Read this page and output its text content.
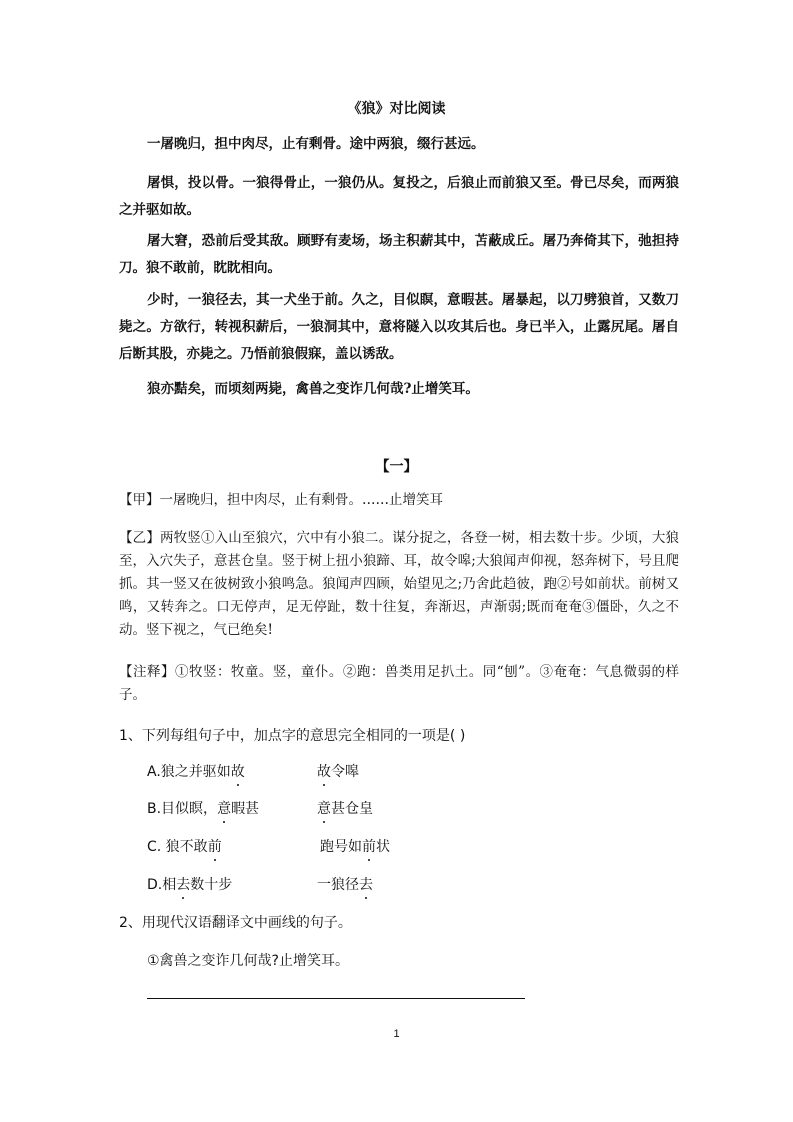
《狼》对比阅读
一屠晚归，担中肉尽，止有剩骨。途中两狼，缀行甚远。
屠惧，投以骨。一狼得骨止，一狼仍从。复投之，后狼止而前狼又至。骨已尽矣，而两狼之并驱如故。
屠大窘，恐前后受其敌。顾野有麦场，场主积薪其中，苫蔽成丘。屠乃奔倚其下，弛担持刀。狼不敢前，眈眈相向。
少时，一狼径去，其一犬坐于前。久之，目似瞑，意暇甚。屠暴起，以刀劈狼首，又数刀毙之。方欲行，转视积薪后，一狼洞其中，意将隧入以攻其后也。身已半入，止露尻尾。屠自后断其股，亦毙之。乃悟前狼假寐，盖以诱敌。
狼亦黠矣，而顷刻两毙，禽兽之变诈几何哉?止增笑耳。
【一】
【甲】一屠晚归，担中肉尽，止有剩骨。……止增笑耳
【乙】两牧竖①入山至狼穴，穴中有小狼二。谋分捉之，各登一树，相去数十步。少顷，大狼至，入穴失子，意甚仓皇。竖于树上扭小狼蹄、耳，故令嗥;大狼闻声仰视，怒奔树下，号且爬抓。其一竖又在彼树致小狼鸣急。狼闻声四顾，始望见之;乃舍此趋彼，跑②号如前状。前树又鸣，又转奔之。口无停声，足无停趾，数十往复，奔渐迟，声渐弱;既而奄奄③僵卧，久之不动。竖下视之，气已绝矣!
【注释】①牧竖：牧童。竖，童仆。②跑：兽类用足扒土。同“刨”。③奄奄：气息微弱的样子。
1、下列每组句子中，加点字的意思完全相同的一项是( )
A.狼之并驱如故	故令嗥
B.目似瞑，意暇甚	意甚仓皇
C. 狼不敢前	跑号如前状
D.相去数十步	一狼径去
2、用现代汉语翻译文中画线的句子。
①禽兽之变诈几何哉?止增笑耳。
1
